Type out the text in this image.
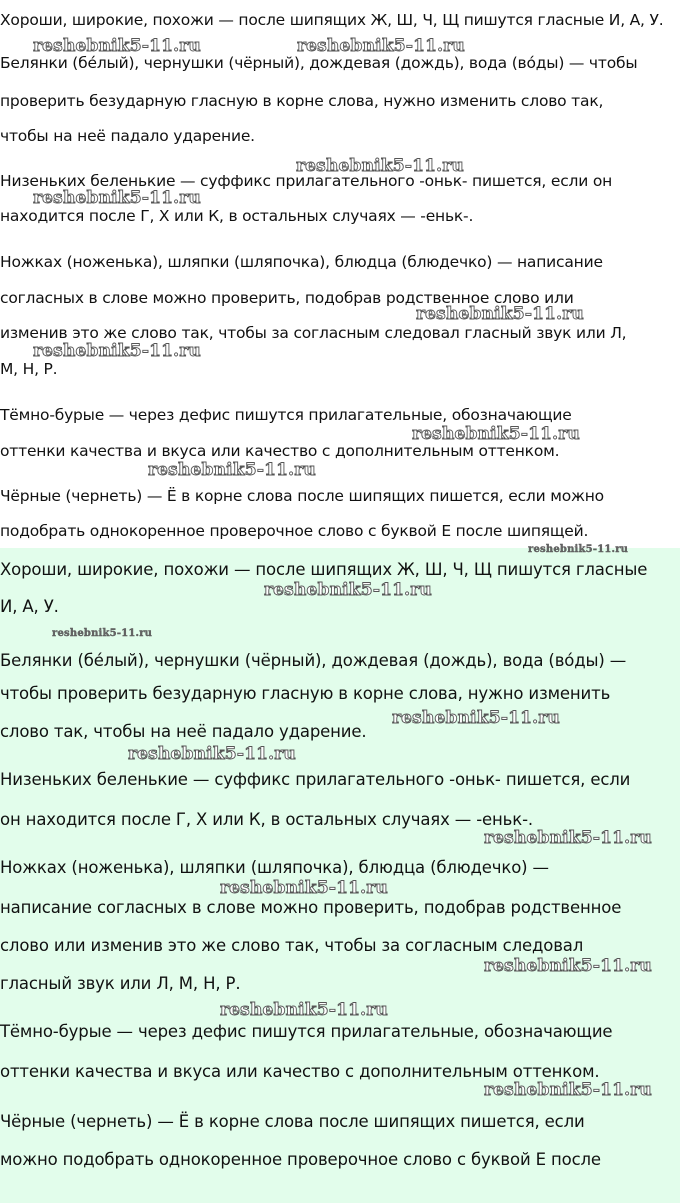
Хороши, широкие, похожи — после шипящих Ж, Ш, Ч, Щ пишутся гласные И, А, У.
Белянки (бе́лый), чернушки (чёрный), дождевая (дождь), вода (во́ды) — чтобы
проверить безударную гласную в корне слова, нужно изменить слово так,
чтобы на неё падало ударение.
Низеньких беленькие — суффикс прилагательного -оньк- пишется, если он
находится после Г, Х или К, в остальных случаях — -еньк-.
Ножках (ноженька), шляпки (шляпочка), блюдца (блюдечко) — написание
согласных в слове можно проверить, подобрав родственное слово или
изменив это же слово так, чтобы за согласным следовал гласный звук или Л,
М, Н, Р.
Тёмно-бурые — через дефис пишутся прилагательные, обозначающие
оттенки качества и вкуса или качество с дополнительным оттенком.
Чёрные (чернеть) — Ё в корне слова после шипящих пишется, если можно
подобрать однокоренное проверочное слово с буквой Е после шипящей.
reshebnik5-11.ru	reshebnik5-11.ru
reshebnik5-11.ru
reshebnik5-11.ru
reshebnik5-11.ru
reshebnik5-11.ru
reshebnik5-11.ru
reshebnik5-11.ru
Хороши, широкие, похожи — после шипящих Ж, Ш, Ч, Щ пишутся гласные
И, А, У.
Белянки (бе́лый), чернушки (чёрный), дождевая (дождь), вода (во́ды) —
чтобы проверить безударную гласную в корне слова, нужно изменить
слово так, чтобы на неё падало ударение.
Низеньких беленькие — суффикс прилагательного -оньк- пишется, если
он находится после Г, Х или К, в остальных случаях — -еньк-.
Ножках (ноженька), шляпки (шляпочка), блюдца (блюдечко) —
написание согласных в слове можно проверить, подобрав родственное
слово или изменив это же слово так, чтобы за согласным следовал
гласный звук или Л, М, Н, Р.
Тёмно-бурые — через дефис пишутся прилагательные, обозначающие
оттенки качества и вкуса или качество с дополнительным оттенком.
Чёрные (чернеть) — Ё в корне слова после шипящих пишется, если
можно подобрать однокоренное проверочное слово с буквой Е после
reshebnik5-11.ru
reshebnik5-11.ru
reshebnik5-11.ru
reshebnik5-11.ru
reshebnik5-11.ru
reshebnik5-11.ru
reshebnik5-11.ru
reshebnik5-11.ru
reshebnik5-11.ru
reshebnik5-11.ru
